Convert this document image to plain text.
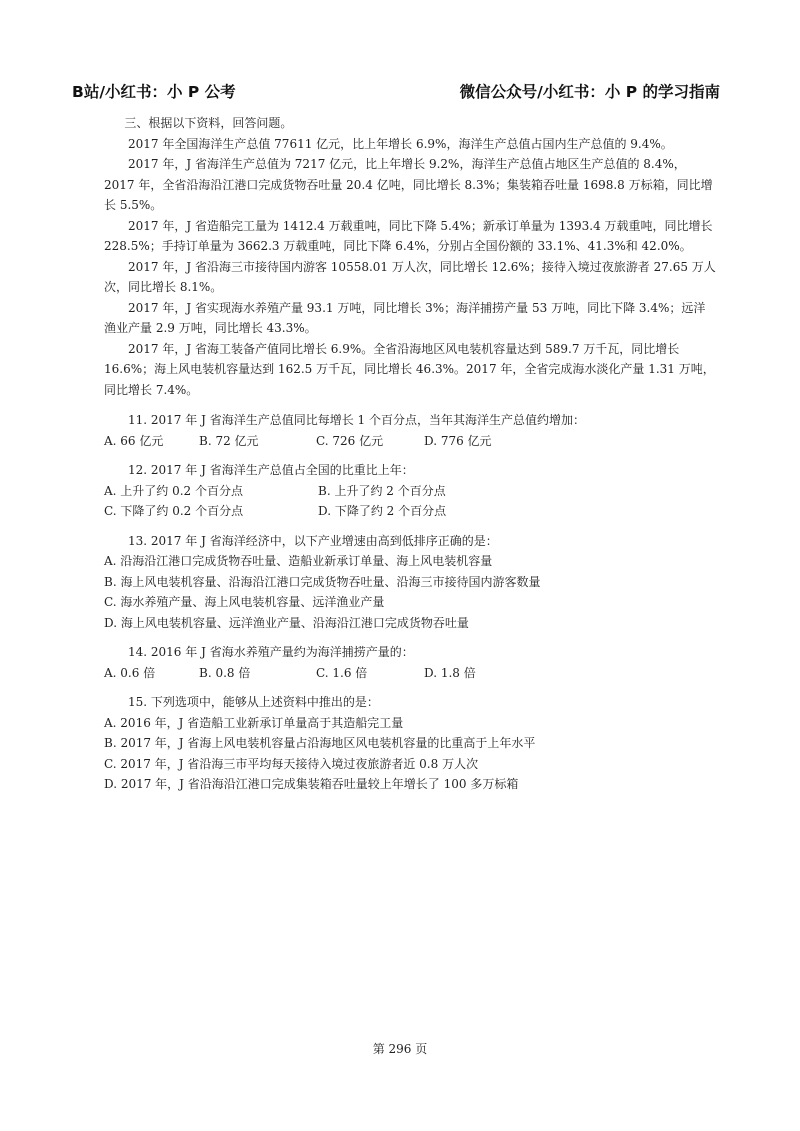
B站/小红书：小 P 公考	微信公众号/小红书：小 P 的学习指南

三、根据以下资料，回答问题。

2017 年全国海洋生产总值 77611 亿元，比上年增长 6.9%，海洋生产总值占国内生产总值的 9.4%。

2017 年，J 省海洋生产总值为 7217 亿元，比上年增长 9.2%，海洋生产总值占地区生产总值的 8.4%，2017 年，全省沿海沿江港口完成货物吞吐量 20.4 亿吨，同比增长 8.3%；集装箱吞吐量 1698.8 万标箱，同比增长 5.5%。

2017 年，J 省造船完工量为 1412.4 万载重吨，同比下降 5.4%；新承订单量为 1393.4 万载重吨，同比增长 228.5%；手持订单量为 3662.3 万载重吨，同比下降 6.4%，分别占全国份额的 33.1%、41.3%和 42.0%。

2017 年，J 省沿海三市接待国内游客 10558.01 万人次，同比增长 12.6%；接待入境过夜旅游者 27.65 万人次，同比增长 8.1%。

2017 年，J 省实现海水养殖产量 93.1 万吨，同比增长 3%；海洋捕捞产量 53 万吨，同比下降 3.4%；远洋渔业产量 2.9 万吨，同比增长 43.3%。

2017 年，J 省海工装备产值同比增长 6.9%。全省沿海地区风电装机容量达到 589.7 万千瓦，同比增长 16.6%；海上风电装机容量达到 162.5 万千瓦，同比增长 46.3%。2017 年，全省完成海水淡化产量 1.31 万吨，同比增长 7.4%。

11. 2017 年 J 省海洋生产总值同比每增长 1 个百分点，当年其海洋生产总值约增加：

A. 66 亿元	B. 72 亿元	C. 726 亿元	D. 776 亿元

12. 2017 年 J 省海洋生产总值占全国的比重比上年：

A. 上升了约 0.2 个百分点	B. 上升了约 2 个百分点
C. 下降了约 0.2 个百分点	D. 下降了约 2 个百分点

13. 2017 年 J 省海洋经济中，以下产业增速由高到低排序正确的是：

A. 沿海沿江港口完成货物吞吐量、造船业新承订单量、海上风电装机容量
B. 海上风电装机容量、沿海沿江港口完成货物吞吐量、沿海三市接待国内游客数量
C. 海水养殖产量、海上风电装机容量、远洋渔业产量
D. 海上风电装机容量、远洋渔业产量、沿海沿江港口完成货物吞吐量

14. 2016 年 J 省海水养殖产量约为海洋捕捞产量的：

A. 0.6 倍	B. 0.8 倍	C. 1.6 倍	D. 1.8 倍

15. 下列选项中，能够从上述资料中推出的是：

A. 2016 年，J 省造船工业新承订单量高于其造船完工量
B. 2017 年，J 省海上风电装机容量占沿海地区风电装机容量的比重高于上年水平
C. 2017 年，J 省沿海三市平均每天接待入境过夜旅游者近 0.8 万人次
D. 2017 年，J 省沿海沿江港口完成集装箱吞吐量较上年增长了 100 多万标箱
第 296 页
